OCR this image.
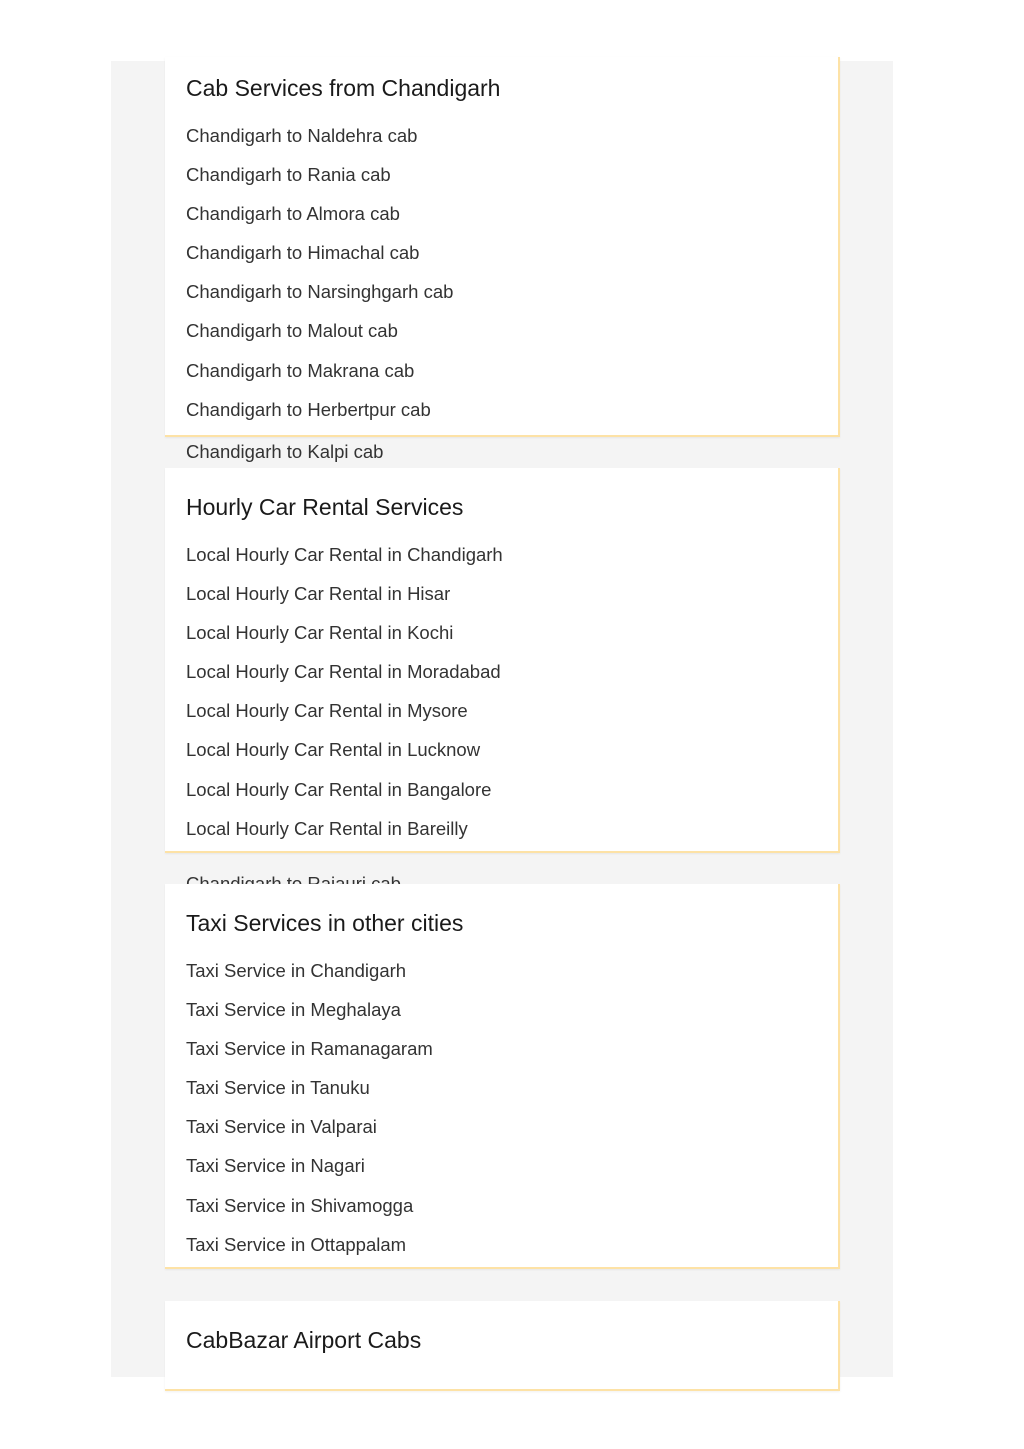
Chandigarh to Kalpi cab
Cab Services from Chandigarh
Chandigarh to Naldehra cab
Chandigarh to Rania cab
Chandigarh to Almora cab
Chandigarh to Himachal cab
Chandigarh to Narsinghgarh cab
Chandigarh to Malout cab
Chandigarh to Makrana cab
Chandigarh to Herbertpur cab
Hourly Car Rental Services
Local Hourly Car Rental in Chandigarh
Local Hourly Car Rental in Hisar
Local Hourly Car Rental in Kochi
Local Hourly Car Rental in Moradabad
Local Hourly Car Rental in Mysore
Local Hourly Car Rental in Lucknow
Local Hourly Car Rental in Bangalore
Local Hourly Car Rental in Bareilly
Taxi Services in other cities
Taxi Service in Chandigarh
Taxi Service in Meghalaya
Taxi Service in Ramanagaram
Taxi Service in Tanuku
Taxi Service in Valparai
Taxi Service in Nagari
Taxi Service in Shivamogga
Taxi Service in Ottappalam
CabBazar Airport Cabs
